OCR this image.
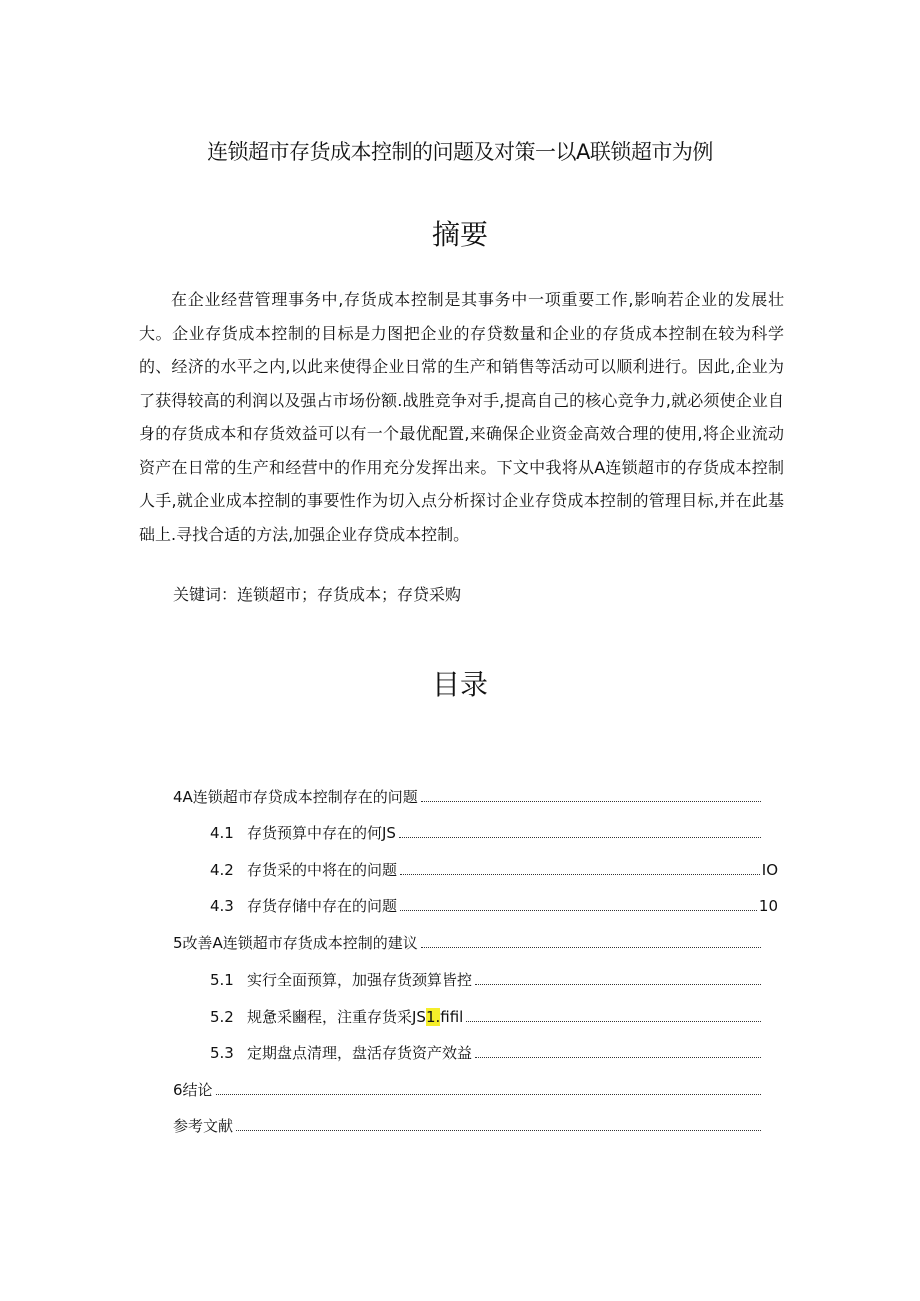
连锁超市存货成本控制的问题及对策一以A联锁超市为例
摘要

在企业经营管理事务中,存货成本控制是其事务中一项重要工作,影响若企业的发展壮大。企业存货成本控制的目标是力图把企业的存贷数量和企业的存货成本控制在较为科学的、经济的水平之内,以此来使得企业日常的生产和销售等活动可以顺利进行。因此,企业为了获得较高的利润以及强占市场份额.战胜竞争对手,提高自己的核心竞争力,就必须使企业自身的存货成本和存货效益可以有一个最优配置,来确保企业资金高效合理的使用,将企业流动资产在日常的生产和经营中的作用充分发挥出来。下文中我将从A连锁超市的存货成本控制人手,就企业成本控制的事要性作为切入点分析探讨企业存贷成本控制的管理目标,并在此基础上.寻找合适的方法,加强企业存贷成本控制。

关键词：连锁超市；存货成本；存贷采购
目录
4A连锁超市存贷成本控制存在的问题
4.1 存货预算中存在的何JS
4.2 存货采的中将在的问题	IO
4.3 存货存储中存在的问题	10
5改善A连锁超市存货成本控制的建议
5.1 实行全面预算，加强存货颈算皆控
5.2 规惫采豳程，注重存货采JS1.fifil
5.3 定期盘点清理，盘活存货资产效益
6结论
参考文献
